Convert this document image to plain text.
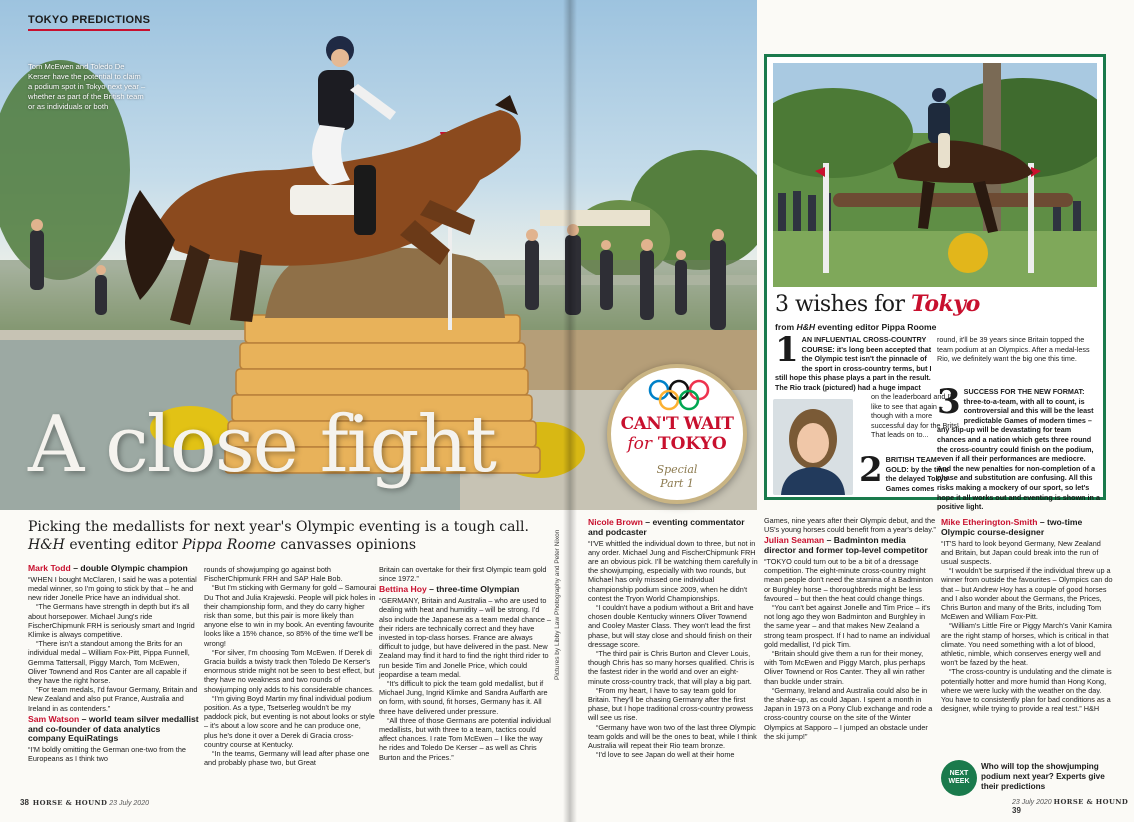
TOKYO PREDICTIONS
Tom McEwen and Toledo De Kerser have the potential to claim a podium spot in Tokyo next year – whether as part of the British team or as individuals or both
A close fight	CAN'T WAIT
for TOKYO
Special
Part 1
3 wishes for Tokyo
from H&H eventing editor Pippa Roome
1 AN INFLUENTIAL CROSS-COUNTRY COURSE: it's long been accepted that the Olympic test isn't the pinnacle of the sport in cross-country terms, but I still hope this phase plays a part in the result. The Rio track (pictured) had a huge impact
on the leaderboard and I'd like to see that again – though with a more successful day for the Brits! That leads on to...
2 BRITISH TEAM GOLD: by the time the delayed Tokyo Games comes
round, it'll be 39 years since Britain topped the team podium at an Olympics. After a medal-less Rio, we definitely want the big one this time.
3 SUCCESS FOR THE NEW FORMAT: three-to-a-team, with all to count, is controversial and this will be the least predictable Games of modern times – any slip-up will be devastating for team chances and a nation which gets three round the cross-country could finish on the podium, even if all their performances are mediocre. And the new penalties for non-completion of a phase and substitution are confusing. All this risks making a mockery of our sport, so let's hope it all works out and eventing is shown in a positive light.
Picking the medallists for next year's Olympic eventing is a tough call.
H&H eventing editor Pippa Roome canvasses opinions
Mark Todd – double Olympic champion

“WHEN I bought McClaren, I said he was a potential medal winner, so I'm going to stick by that – he and new rider Jonelle Price have an individual shot.

“The Germans have strength in depth but it's all about horsepower. Michael Jung's ride FischerChipmunk FRH is seriously smart and Ingrid Klimke is always competitive.

“There isn't a standout among the Brits for an individual medal – William Fox-Pitt, Pippa Funnell, Gemma Tattersall, Piggy March, Tom McEwen, Oliver Townend and Ros Canter are all capable if they have the right horse.

“For team medals, I'd favour Germany, Britain and New Zealand and also put France, Australia and Ireland in as contenders.”

Sam Watson – world team silver medallist and co-founder of data analytics company EquiRatings

“I'M boldly omitting the German one-two from the Europeans as I think two

rounds of showjumping go against both FischerChipmunk FRH and SAP Hale Bob.

“But I'm sticking with Germany for gold – Samourai Du Thot and Julia Krajewski. People will pick holes in their championship form, and they do carry higher risk than some, but this pair is more likely than anyone else to win in my book. An eventing favourite looks like a 15% chance, so 85% of the time we'll be wrong!

“For silver, I'm choosing Tom McEwen. If Derek di Gracia builds a twisty track then Toledo De Kerser's enormous stride might not be seen to best effect, but they have no weakness and two rounds of showjumping only adds to his considerable chances.

“I'm giving Boyd Martin my final individual podium position. As a type, Tsetserleg wouldn't be my paddock pick, but eventing is not about looks or style – it's about a low score and he can produce one, plus he's done it over a Derek di Gracia cross-country course at Kentucky.

“In the teams, Germany will lead after phase one and probably phase two, but Great

Britain can overtake for their first Olympic team gold since 1972.”

Bettina Hoy – three-time Olympian

“GERMANY, Britain and Australia – who are used to dealing with heat and humidity – will be strong. I'd also include the Japanese as a team medal chance – their riders are technically correct and they have invested in top-class horses. France are always difficult to judge, but have delivered in the past. New Zealand may find it hard to find the right third rider to run beside Tim and Jonelle Price, which could jeopardise a team medal.

“It's difficult to pick the team gold medallist, but if Michael Jung, Ingrid Klimke and Sandra Auffarth are on form, with sound, fit horses, Germany has it. All three have delivered under pressure.

“All three of those Germans are potential individual medallists, but with three to a team, tactics could affect chances. I rate Tom McEwen – I like the way he rides and Toledo De Kerser – as well as Chris Burton and the Prices.”

Pictures by Libby Law Photography and Peter Nixon
Nicole Brown – eventing commentator and podcaster

“I'VE whittled the individual down to three, but not in any order. Michael Jung and FischerChipmunk FRH are an obvious pick. I'll be watching them carefully in the showjumping, especially with two rounds, but Michael has only missed one individual championship podium since 2009, when he didn't contest the Tryon World Championships.

“I couldn't have a podium without a Brit and have chosen double Kentucky winners Oliver Townend and Cooley Master Class. They won't lead the first phase, but will stay close and should finish on their dressage score.

“The third pair is Chris Burton and Clever Louis, though Chris has so many horses qualified. Chris is the fastest rider in the world and over an eight-minute cross-country track, that will play a big part.

“From my heart, I have to say team gold for Britain. They'll be chasing Germany after the first phase, but I hope traditional cross-country prowess will see us rise.

“Germany have won two of the last three Olympic team golds and will be the ones to beat, while I think Australia will repeat their Rio team bronze.

“I'd love to see Japan do well at their home

Games, nine years after their Olympic debut, and the US's young horses could benefit from a year's delay.”

Julian Seaman – Badminton media director and former top-level competitor

“TOKYO could turn out to be a bit of a dressage competition. The eight-minute cross-country might mean people don't need the stamina of a Badminton or Burghley horse – thoroughbreds might be less favoured – but then the heat could change things.

“You can't bet against Jonelle and Tim Price – it's not long ago they won Badminton and Burghley in the same year – and that makes New Zealand a strong team prospect. If I had to name an individual gold medallist, I'd pick Tim.

“Britain should give them a run for their money, with Tom McEwen and Piggy March, plus perhaps Oliver Townend or Ros Canter. They all win rather than buckle under strain.

“Germany, Ireland and Australia could also be in the shake-up, as could Japan. I spent a month in Japan in 1973 on a Pony Club exchange and rode a cross-country course on the site of the Winter Olympics at Sapporo – I jumped an obstacle under the ski jump!”

Mike Etherington-Smith – two-time Olympic course-designer

“IT'S hard to look beyond Germany, New Zealand and Britain, but Japan could break into the run of usual suspects.

“I wouldn't be surprised if the individual threw up a winner from outside the favourites – Olympics can do that – but Andrew Hoy has a couple of good horses and I also wonder about the Germans, the Prices, Chris Burton and many of the Brits, including Tom McEwen and William Fox-Pitt.

“William's Little Fire or Piggy March's Vanir Kamira are the right stamp of horses, which is critical in that climate. You need something with a lot of blood, athletic, nimble, which conserves energy well and won't be fazed by the heat.

“The cross-country is undulating and the climate is potentially hotter and more humid than Hong Kong, where we were lucky with the weather on the day. You have to consistently plan for bad conditions as a designer, while trying to provide a real test.” H&H

NEXT
WEEK
Who will top the showjumping podium next year? Experts give their predictions
38 HORSE & HOUND 23 July 2020	23 July 2020 HORSE & HOUND  39
